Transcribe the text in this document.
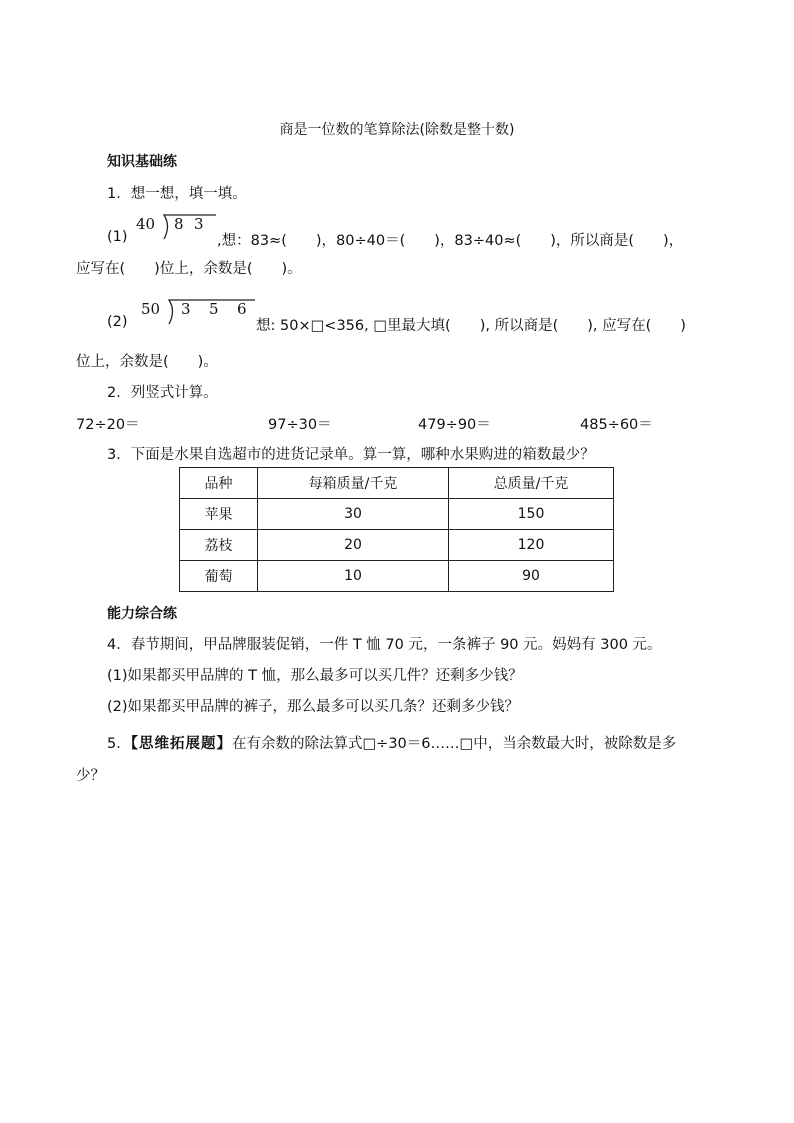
商是一位数的笔算除法(除数是整十数)
知识基础练
1．想一想，填一填。
(1)
40 8 3
,想：83≈(　　)，80÷40＝(　　)，83÷40≈(　　)，所以商是(　　)，
应写在(　　)位上，余数是(　　)。
(2)
50 3 5 6
想: 50×□<356, □里最大填(　　), 所以商是(　　), 应写在(　　)
位上，余数是(　　)。
2．列竖式计算。
72÷20＝	97÷30＝	479÷90＝	485÷60＝
3．下面是水果自选超市的进货记录单。算一算，哪种水果购进的箱数最少？
品种	每箱质量/千克	总质量/千克
苹果	30	150
荔枝	20	120
葡萄	10	90
能力综合练
4．春节期间，甲品牌服装促销，一件 T 恤 70 元，一条裤子 90 元。妈妈有 300 元。
(1)如果都买甲品牌的 T 恤，那么最多可以买几件？还剩多少钱？
(2)如果都买甲品牌的裤子，那么最多可以买几条？还剩多少钱？
5．【思维拓展题】在有余数的除法算式□÷30＝6……□中，当余数最大时，被除数是多
少？
